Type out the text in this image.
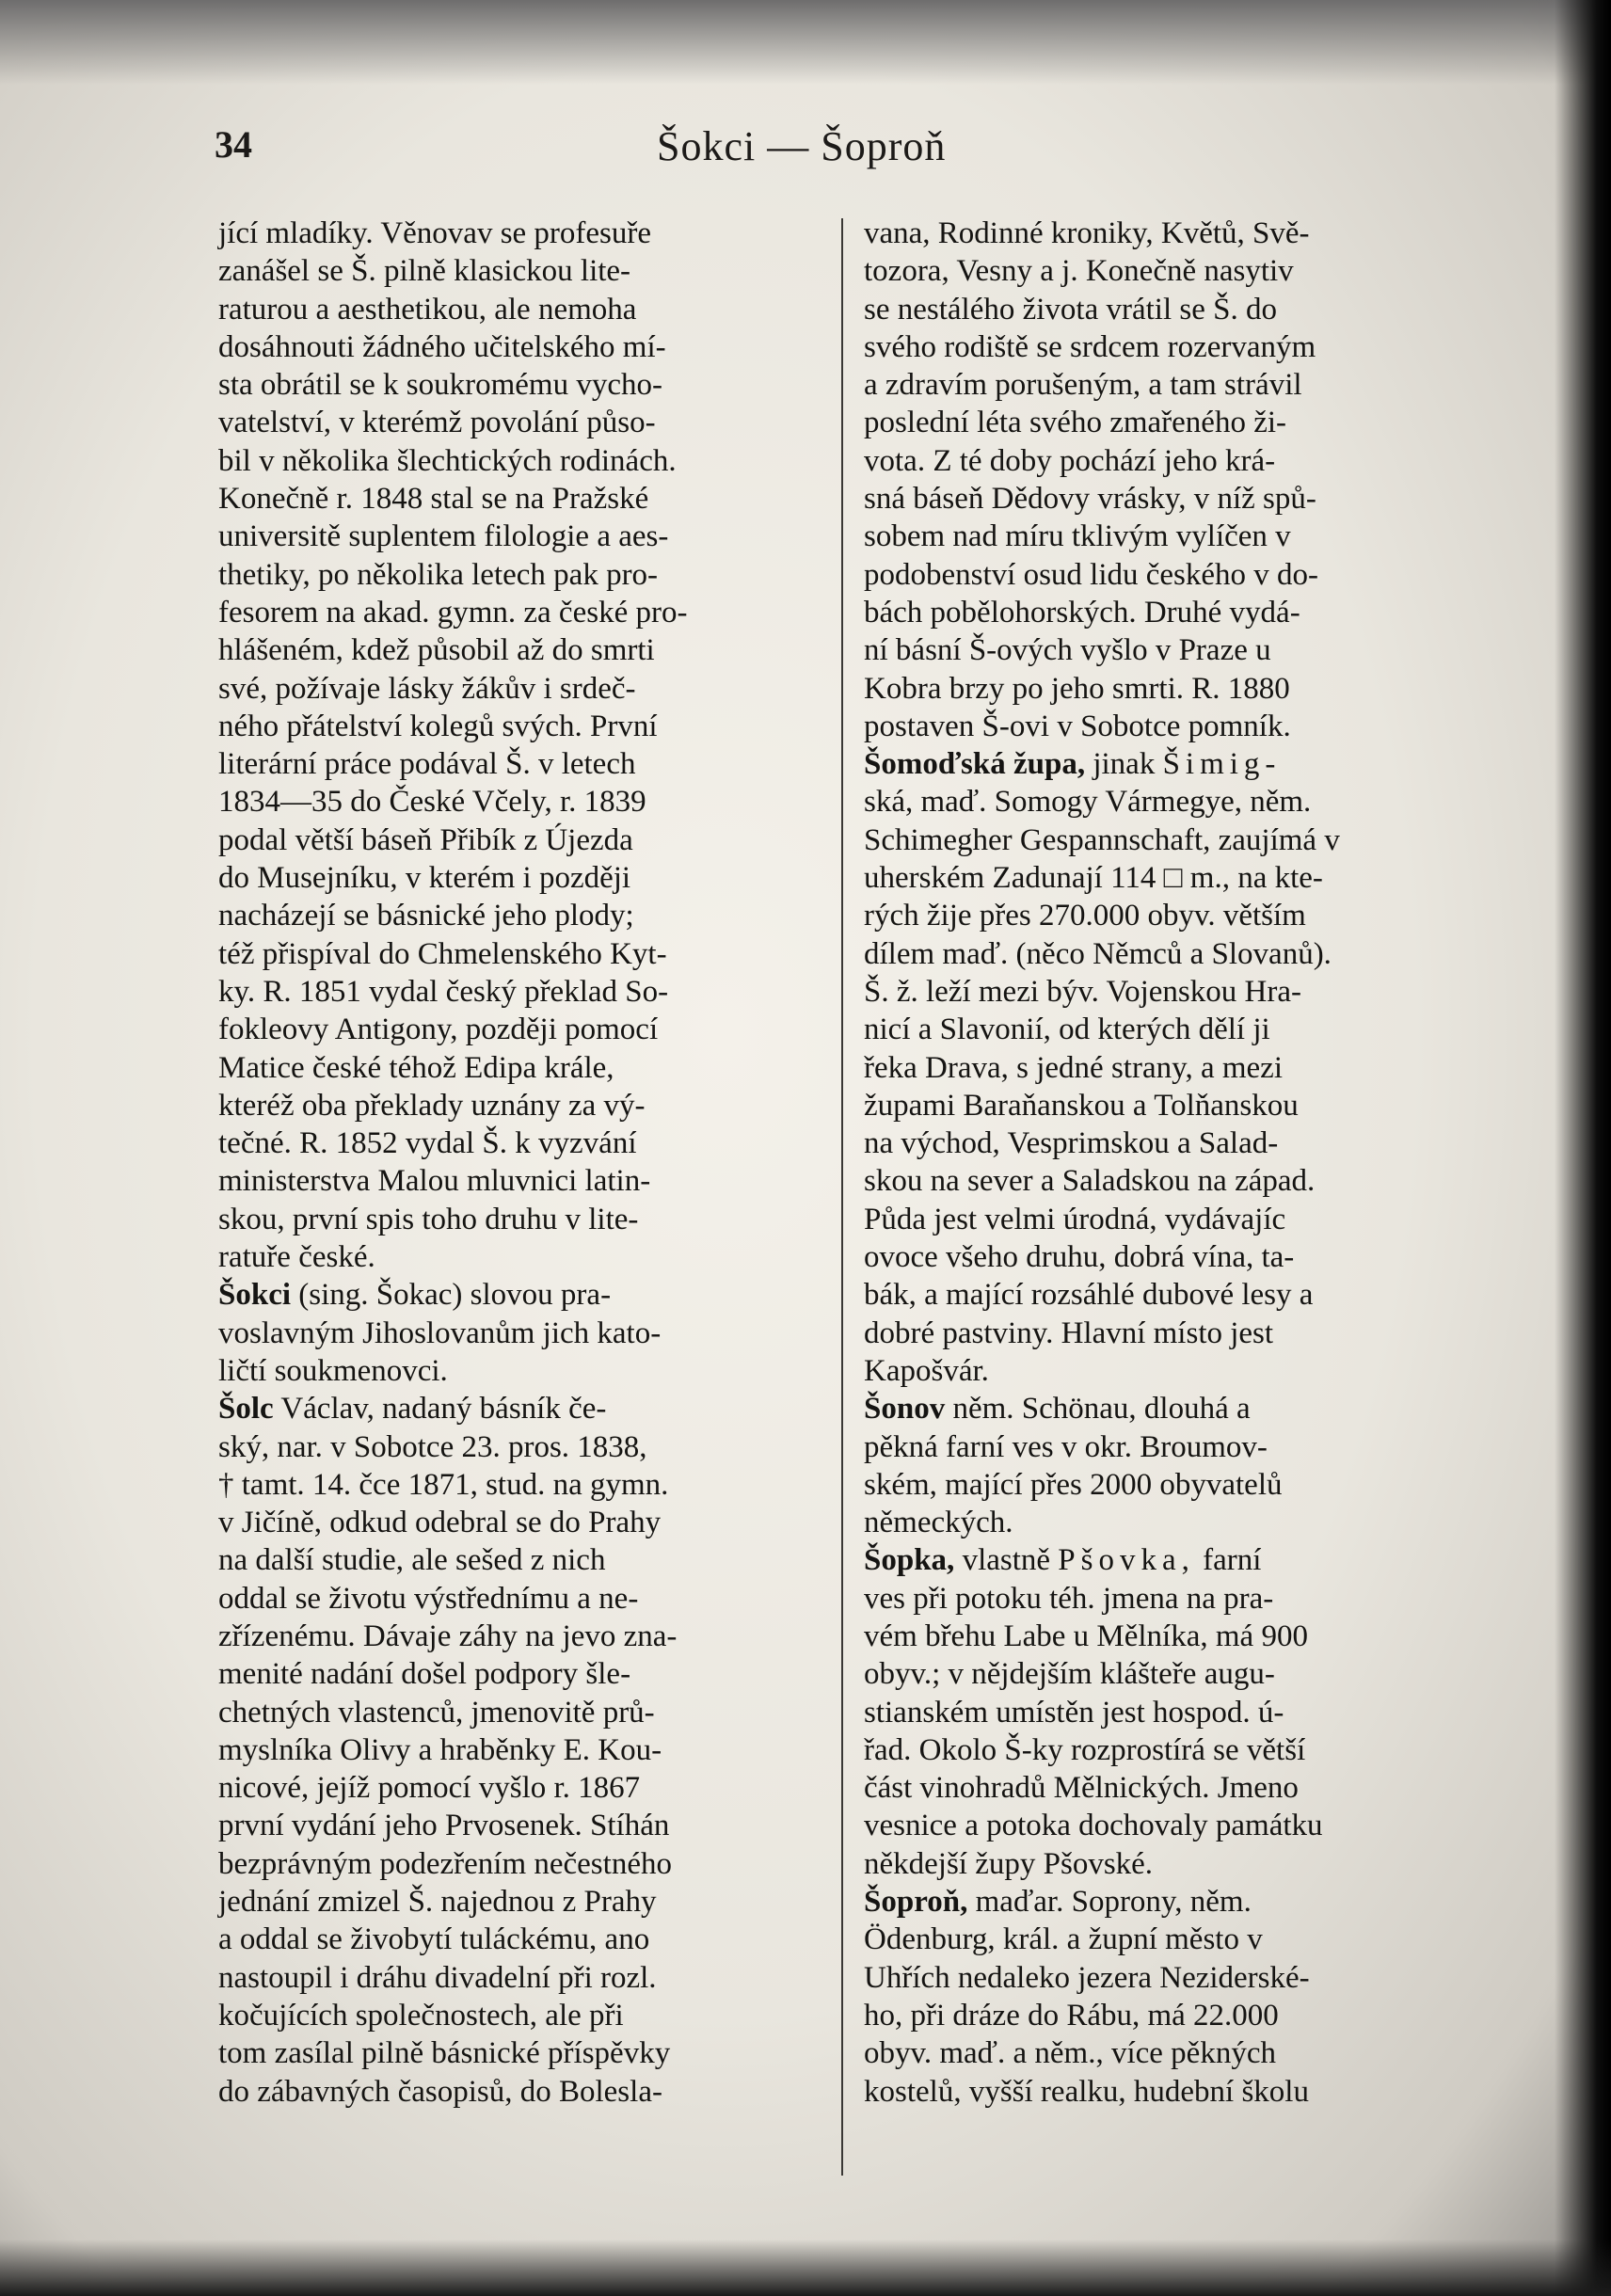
34	Šokci — Šoproň
jící mladíky. Věnovav se profesuře
zanášel se Š. pilně klasickou lite-
raturou a aesthetikou, ale nemoha
dosáhnouti žádného učitelského mí-
sta obrátil se k soukromému vycho-
vatelství, v kterémž povolání půso-
bil v několika šlechtických rodinách.
Konečně r. 1848 stal se na Pražské
universitě suplentem filologie a aes-
thetiky, po několika letech pak pro-
fesorem na akad. gymn. za české pro-
hlášeném, kdež působil až do smrti
své, požívaje lásky žákův i srdeč-
ného přátelství kolegů svých. První
literární práce podával Š. v letech
1834—35 do České Včely, r. 1839
podal větší báseň Přibík z Újezda
do Musejníku, v kterém i později
nacházejí se básnické jeho plody;
též přispíval do Chmelenského Kyt-
ky. R. 1851 vydal český překlad So-
fokleovy Antigony, později pomocí
Matice české téhož Edipa krále,
kteréž oba překlady uznány za vý-
tečné. R. 1852 vydal Š. k vyzvání
ministerstva Malou mluvnici latin-
skou, první spis toho druhu v lite-
ratuře české.
Šokci (sing. Šokac) slovou pra-
voslavným Jihoslovanům jich kato-
ličtí soukmenovci.
Šolc Václav, nadaný básník če-
ský, nar. v Sobotce 23. pros. 1838,
† tamt. 14. čce 1871, stud. na gymn.
v Jičíně, odkud odebral se do Prahy
na další studie, ale sešed z nich
oddal se životu výstřednímu a ne-
zřízenému. Dávaje záhy na jevo zna-
menité nadání došel podpory šle-
chetných vlastenců, jmenovitě prů-
myslníka Olivy a hraběnky E. Kou-
nicové, jejíž pomocí vyšlo r. 1867
první vydání jeho Prvosenek. Stíhán
bezprávným podezřením nečestného
jednání zmizel Š. najednou z Prahy
a oddal se živobytí tuláckému, ano
nastoupil i dráhu divadelní při rozl.
kočujících společnostech, ale při
tom zasílal pilně básnické příspěvky
do zábavných časopisů, do Boleslа-
vana, Rodinné kroniky, Květů, Svě-
tozora, Vesny a j. Konečně nasytiv
se nestálého života vrátil se Š. do
svého rodiště se srdcem rozervaným
a zdravím porušeným, a tam strávil
poslední léta svého zmařeného ži-
vota. Z té doby pochází jeho krá-
sná báseň Dědovy vrásky, v níž spů-
sobem nad míru tklivým vylíčen v
podobenství osud lidu českého v do-
bách pobělohorských. Druhé vydá-
ní básní Š-ových vyšlo v Praze u
Kobra brzy po jeho smrti. R. 1880
postaven Š-ovi v Sobotce pomník.
Šomoďská župa, jinak Šimig-
ská, maď. Somogy Vármegye, něm.
Schimegher Gespannschaft, zaujímá v
uherském Zadunají 114 □ m., na kte-
rých žije přes 270.000 obyv. větším
dílem maď. (něco Němců a Slovanů).
Š. ž. leží mezi býv. Vojenskou Hra-
nicí a Slavonií, od kterých dělí ji
řeka Drava, s jedné strany, a mezi
župami Baraňanskou a Tolňanskou
na východ, Vesprimskou a Salad-
skou na sever a Saladskou na západ.
Půda jest velmi úrodná, vydávajíc
ovoce všeho druhu, dobrá vína, ta-
bák, a mající rozsáhlé dubové lesy a
dobré pastviny. Hlavní místo jest
Kapošvár.
Šonov něm. Schönau, dlouhá a
pěkná farní ves v okr. Broumov-
ském, mající přes 2000 obyvatelů
německých.
Šopka, vlastně Pšovka, farní
ves při potoku téh. jmena na pra-
vém břehu Labe u Mělníka, má 900
obyv.; v nějdejším klášteře augu-
stianském umístěn jest hospod. ú-
řad. Okolo Š-ky rozprostírá se větší
část vinohradů Mělnických. Jmeno
vesnice a potoka dochovaly památku
někdejší župy Pšovské.
Šoproň, maďar. Soprony, něm.
Ödenburg, král. a župní město v
Uhřích nedaleko jezera Neziderské-
ho, při dráze do Rábu, má 22.000
obyv. maď. a něm., více pěkných
kostelů, vyšší realku, hudební školu
